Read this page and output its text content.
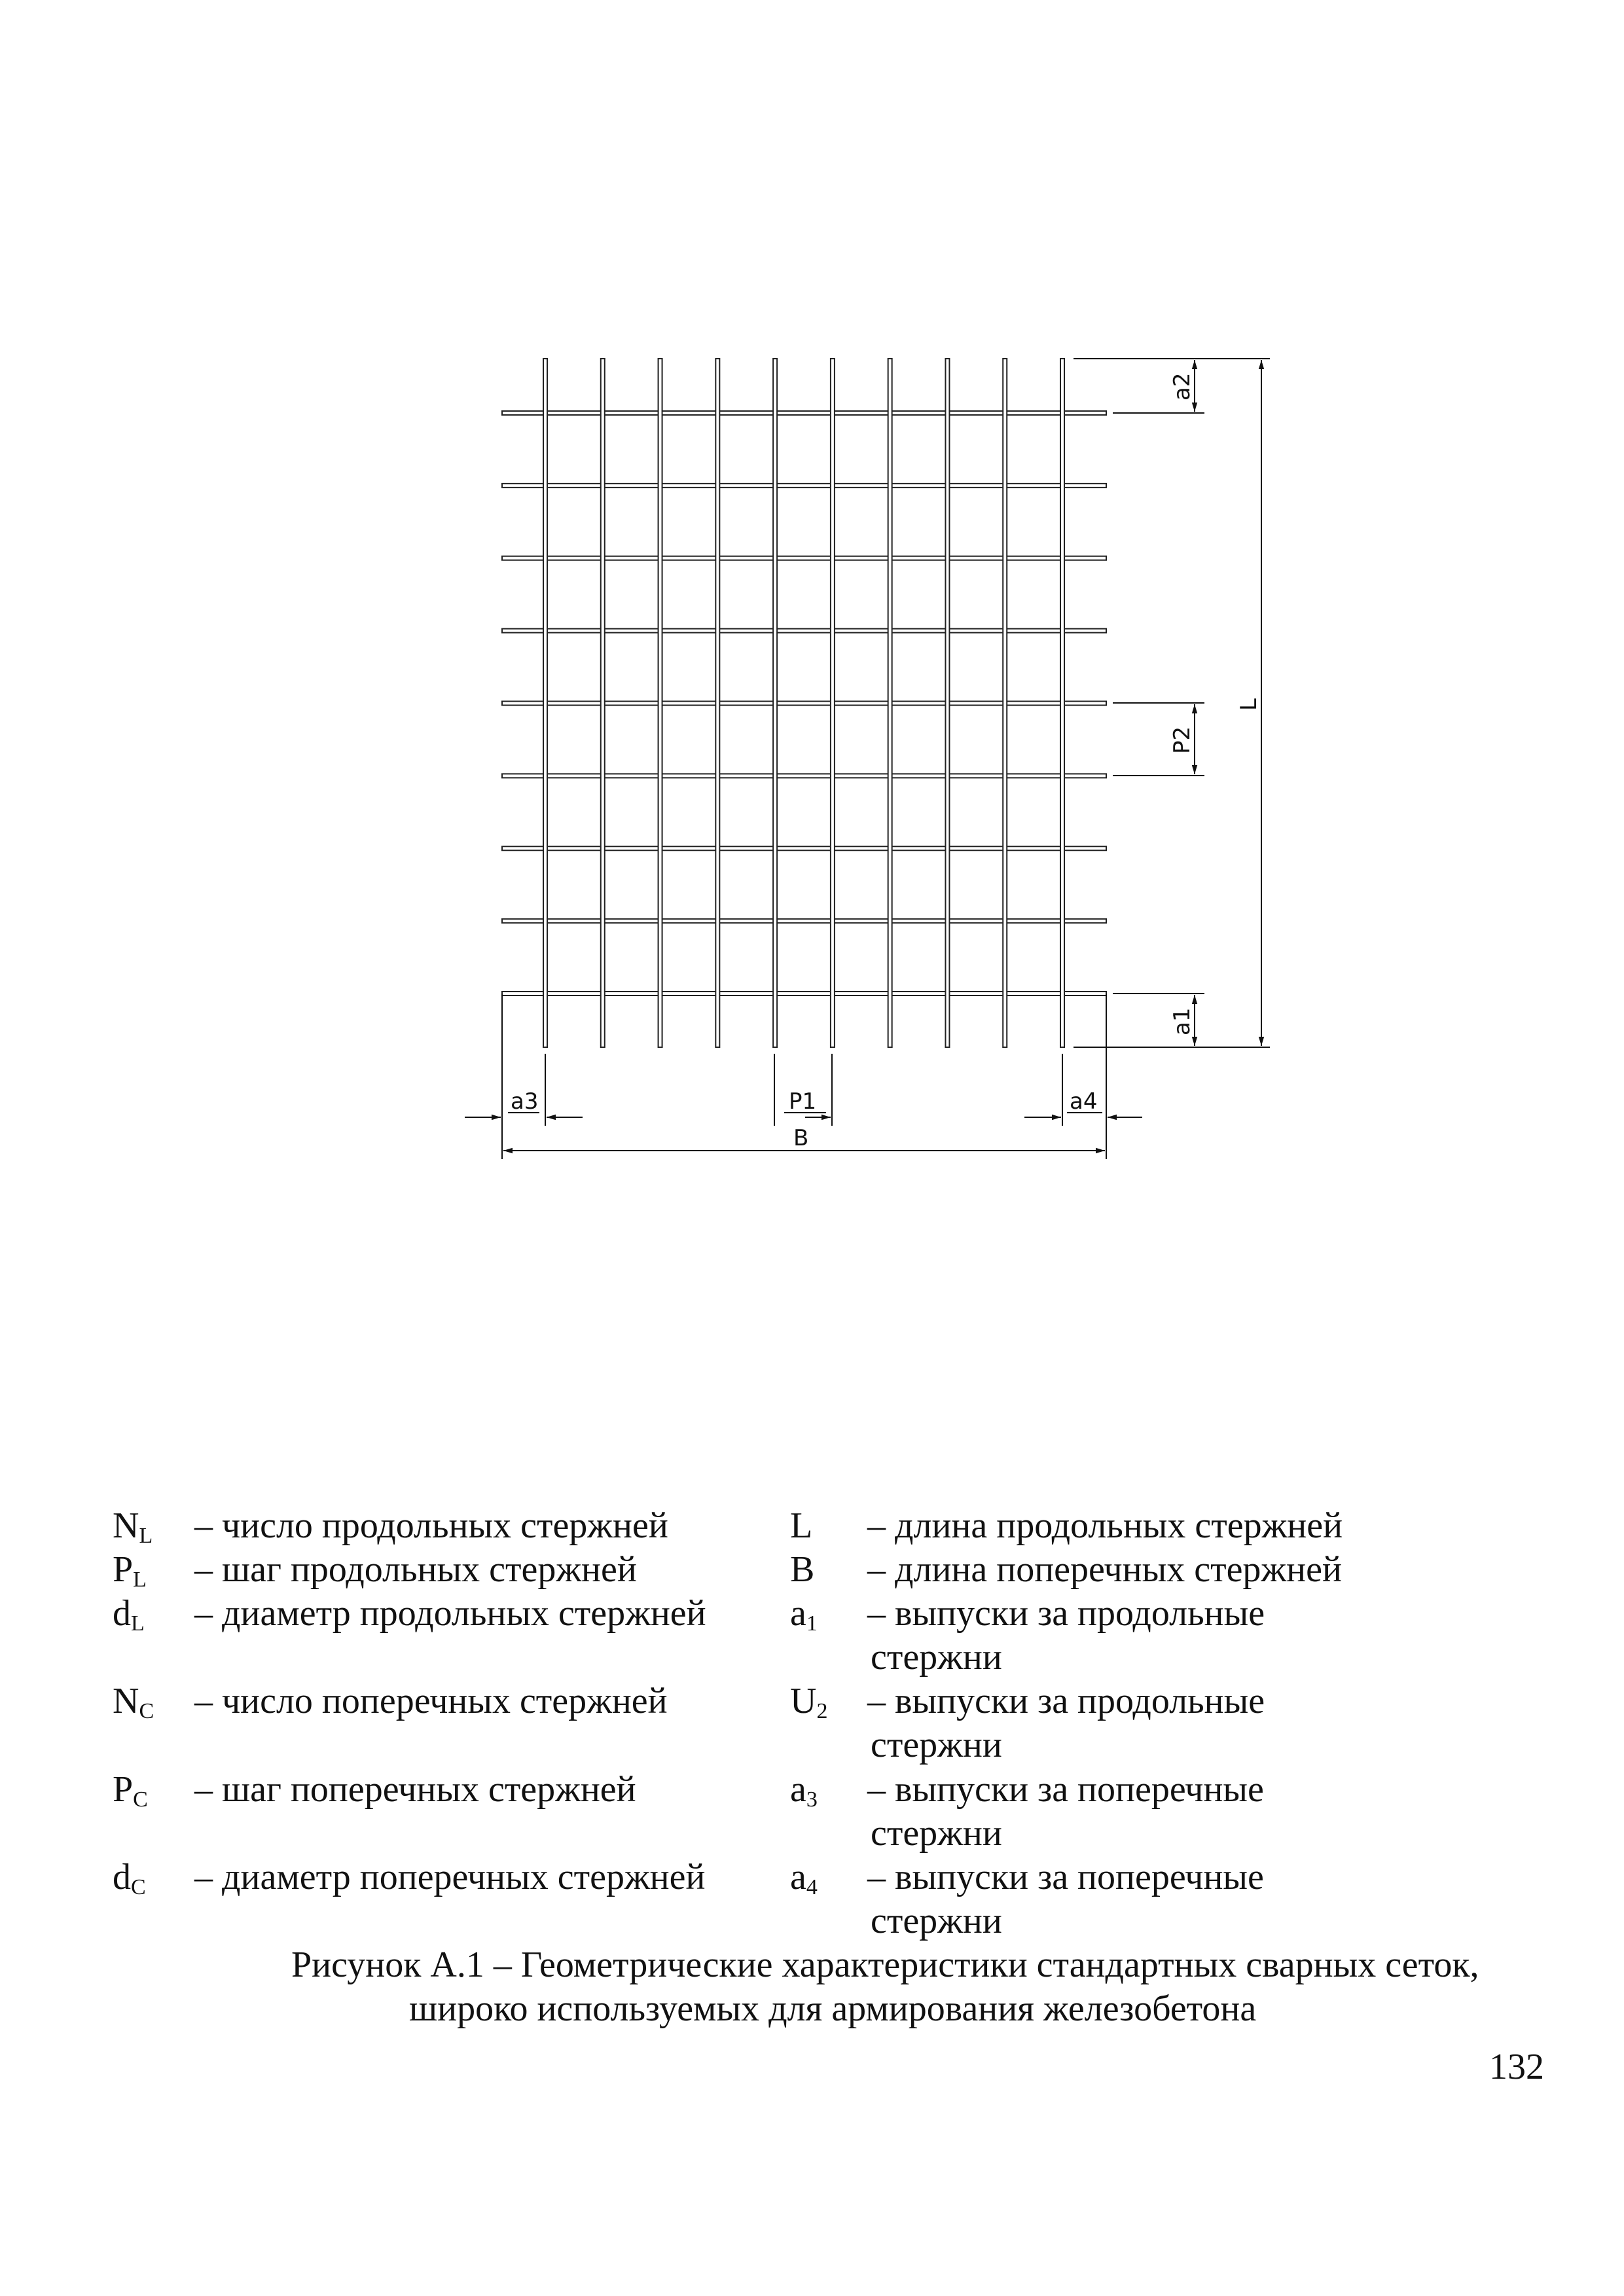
a3	P1	a4
B
a2
P2
a1
L
$N_L$ – число продольных стержней
$P_L$ – шаг продольных стержней
$d_L$ – диаметр продольных стержней
$N_C$ – число поперечных стержней
$P_C$ – шаг поперечных стержней
$d_C$ – диаметр поперечных стержней
L – длина продольных стержней
B – длина поперечных стержней
$a_1$ – выпуски за продольные
стержни
$U_2$ – выпуски за продольные
стержни
$a_3$ – выпуски за поперечные
стержни
$a_4$ – выпуски за поперечные
стержни
Рисунок А.1 – Геометрические характеристики стандартных сварных сеток,
широко используемых для армирования железобетона
132
